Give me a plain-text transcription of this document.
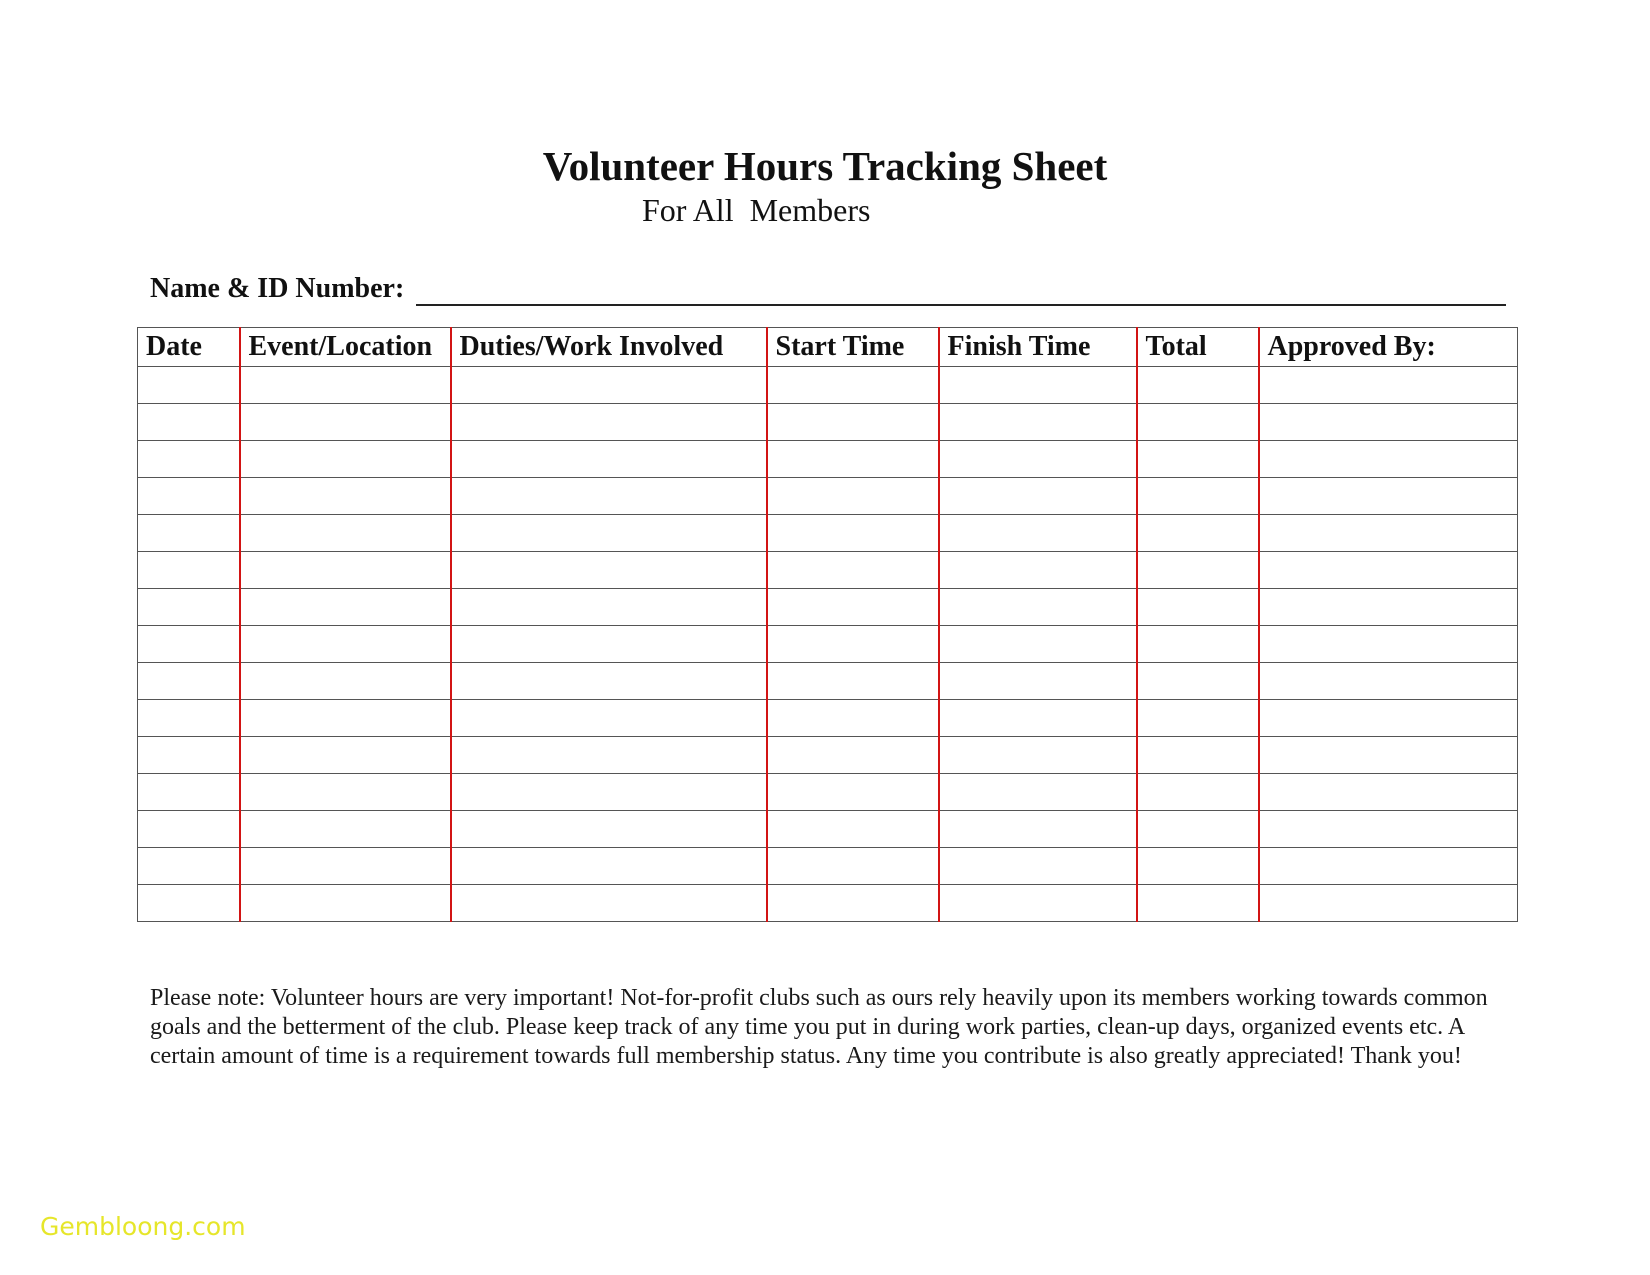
Volunteer Hours Tracking Sheet
For All  Members
Name & ID Number:
Date	Event/Location	Duties/Work Involved	Start Time	Finish Time	Total	Approved By:

Please note: Volunteer hours are very important! Not-for-profit clubs such as ours rely heavily upon its members working towards common goals and the betterment of the club. Please keep track of any time you put in during work parties, clean-up days, organized events etc. A certain amount of time is a requirement towards full membership status. Any time you contribute is also greatly appreciated! Thank you!
Gembloong.com
